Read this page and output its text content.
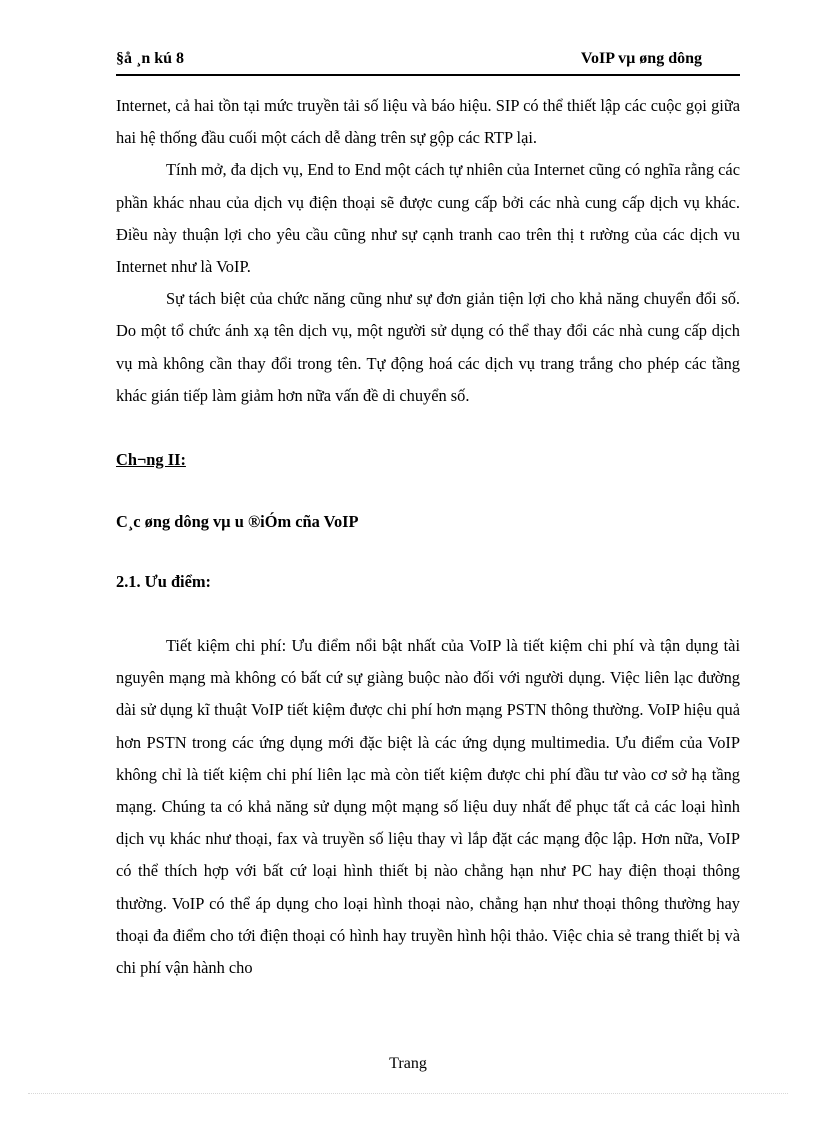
§å ¸n kú 8	VoIP vµ øng dông

Internet, cả hai tồn tại mức truyền tải số liệu và báo hiệu. SIP có thể thiết lập các cuộc gọi giữa hai hệ thống đầu cuối một cách dễ dàng trên sự gộp các RTP lại.

Tính mở, đa dịch vụ, End to End một cách tự nhiên của Internet cũng có nghĩa rằng các phần khác nhau của dịch vụ điện thoại sẽ được cung cấp bởi các nhà cung cấp dịch vụ khác. Điều này thuận lợi cho yêu cầu cũng như sự cạnh tranh cao trên thị t rường của các dịch vu Internet như là VoIP.

Sự tách biệt của chức năng cũng như sự đơn giản tiện lợi cho khả năng chuyển đổi số. Do một tổ chức ánh xạ tên dịch vụ, một người sử dụng có thể thay đổi các nhà cung cấp dịch vụ mà không cần thay đổi trong tên. Tự động hoá các dịch vụ trang trắng cho phép các tầng khác gián tiếp làm giảm hơn nữa vấn đề di chuyển số.

Ch¬ng II:
C¸c øng dông vµ u ®iÓm cña VoIP
2.1. Ưu điểm:

Tiết kiệm chi phí: Ưu điểm nổi bật nhất của VoIP là tiết kiệm chi phí và tận dụng tài nguyên mạng mà không có bất cứ sự giàng buộc nào đối với người dụng. Việc liên lạc đường dài sử dụng kĩ thuật VoIP tiết kiệm được chi phí hơn mạng PSTN thông thường. VoIP hiệu quả hơn PSTN trong các ứng dụng mới đặc biệt là các ứng dụng multimedia. Ưu điểm của VoIP không chỉ là tiết kiệm chi phí liên lạc mà còn tiết kiệm được chi phí đầu tư vào cơ sở hạ tầng mạng. Chúng ta có khả năng sử dụng một mạng số liệu duy nhất để phục tất cả các loại hình dịch vụ khác như thoại, fax và truyền số liệu thay vì lắp đặt các mạng độc lập. Hơn nữa, VoIP có thể thích hợp với bất cứ loại hình thiết bị nào chẳng hạn như PC hay điện thoại thông thường. VoIP có thể áp dụng cho loại hình thoại nào, chẳng hạn như thoại thông thường hay thoại đa điểm cho tới điện thoại có hình hay truyền hình hội thảo. Việc chia sẻ trang thiết bị và chi phí vận hành cho

Trang
